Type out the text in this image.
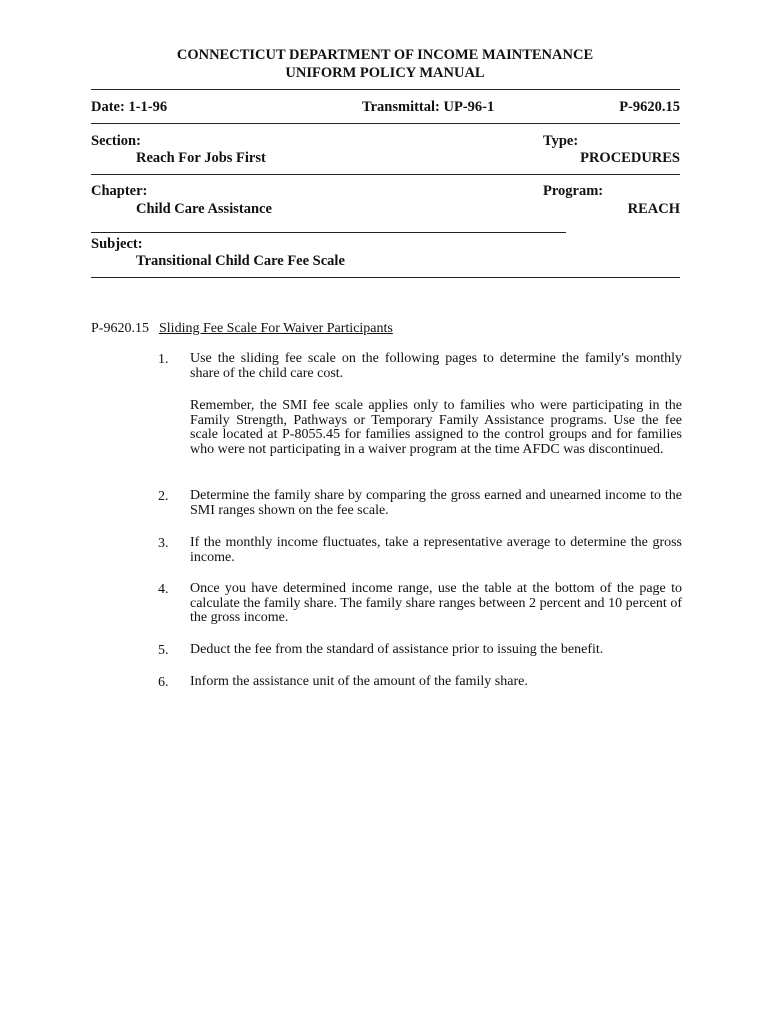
CONNECTICUT DEPARTMENT OF INCOME MAINTENANCE
UNIFORM POLICY MANUAL
Date: 1-1-96	Transmittal: UP-96-1	P-9620.15
Section:
Reach For Jobs First
Type:
PROCEDURES
Chapter:
Child Care Assistance
Program:
REACH
Subject:
Transitional Child Care Fee Scale
P-9620.15 Sliding Fee Scale For Waiver Participants
1.	Use the sliding fee scale on the following pages to determine the family's monthly share of the child care cost.
Remember, the SMI fee scale applies only to families who were participating in the Family Strength, Pathways or Temporary Family Assistance programs. Use the fee scale located at P-8055.45 for families assigned to the control groups and for families who were not participating in a waiver program at the time AFDC was discontinued.
2.	Determine the family share by comparing the gross earned and unearned income to the SMI ranges shown on the fee scale.
3.	If the monthly income fluctuates, take a representative average to determine the gross income.
4.	Once you have determined income range, use the table at the bottom of the page to calculate the family share. The family share ranges between 2 percent and 10 percent of the gross income.
5.	Deduct the fee from the standard of assistance prior to issuing the benefit.
6.	Inform the assistance unit of the amount of the family share.
